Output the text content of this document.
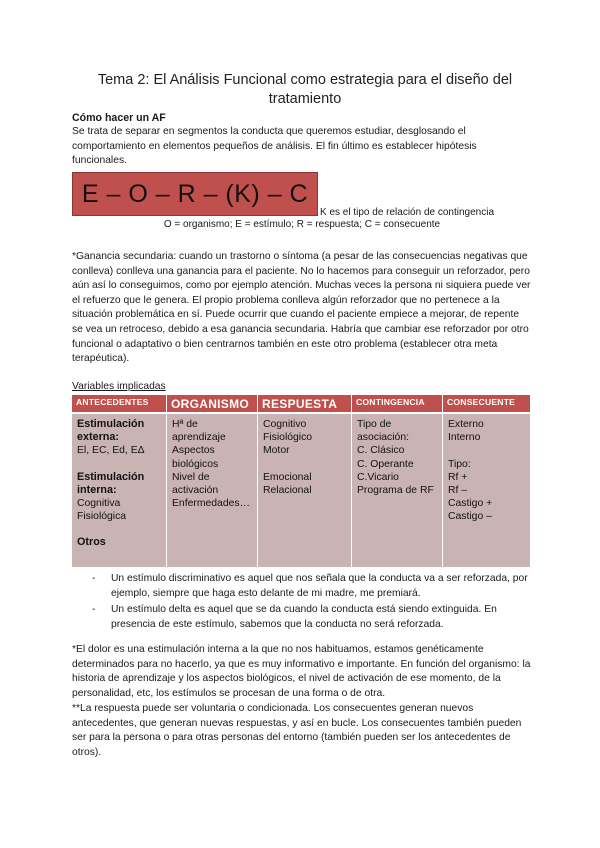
Tema 2: El Análisis Funcional como estrategia para el diseño del tratamiento
Cómo hacer un AF
Se trata de separar en segmentos la conducta que queremos estudiar, desglosando el comportamiento en elementos pequeños de análisis. El fin último es establecer hipótesis funcionales.
E – O – R – (K) – C
K es el tipo de relación de contingencia
O = organismo; E = estímulo; R = respuesta; C = consecuente
*Ganancia secundaria: cuando un trastorno o síntoma (a pesar de las consecuencias negativas que conlleva) conlleva una ganancia para el paciente. No lo hacemos para conseguir un reforzador, pero aún así lo conseguimos, como por ejemplo atención. Muchas veces la persona ni siquiera puede ver el refuerzo que le genera. El propio problema conlleva algún reforzador que no pertenece a la situación problemática en sí. Puede ocurrir que cuando el paciente empiece a mejorar, de repente se vea un retroceso, debido a esa ganancia secundaria. Habría que cambiar ese reforzador por otro funcional o adaptativo o bien centrarnos también en este otro problema (establecer otra meta terapéutica).
Variables implicadas
ANTECEDENTES
Estimulación externa:
El, EC, Ed, EΔ
Estimulación interna:
Cognitiva
Fisiológica
Otros
ORGANISMO
Hª de aprendizaje
Aspectos biológicos
Nivel de activación
Enfermedades…
RESPUESTA
Cognitivo
Fisiológico
Motor

Emocional
Relacional
CONTINGENCIA
Tipo de asociación:
C. Clásico
C. Operante
C.Vicario
Programa de RF
CONSECUENTE
Externo
Interno

Tipo:
Rf +
Rf –
Castigo +
Castigo –
- Un estímulo discriminativo es aquel que nos señala que la conducta va a ser reforzada, por ejemplo, siempre que haga esto delante de mi madre, me premiará.
- Un estímulo delta es aquel que se da cuando la conducta está siendo extinguida. En presencia de este estímulo, sabemos que la conducta no será reforzada.
*El dolor es una estimulación interna a la que no nos habituamos, estamos genéticamente determinados para no hacerlo, ya que es muy informativo e importante. En función del organismo: la historia de aprendizaje y los aspectos biológicos, el nivel de activación de ese momento, de la personalidad, etc, los estímulos se procesan de una forma o de otra.
**La respuesta puede ser voluntaria o condicionada. Los consecuentes generan nuevos antecedentes, que generan nuevas respuestas, y así en bucle. Los consecuentes también pueden ser para la persona o para otras personas del entorno (también pueden ser los antecedentes de otros).
